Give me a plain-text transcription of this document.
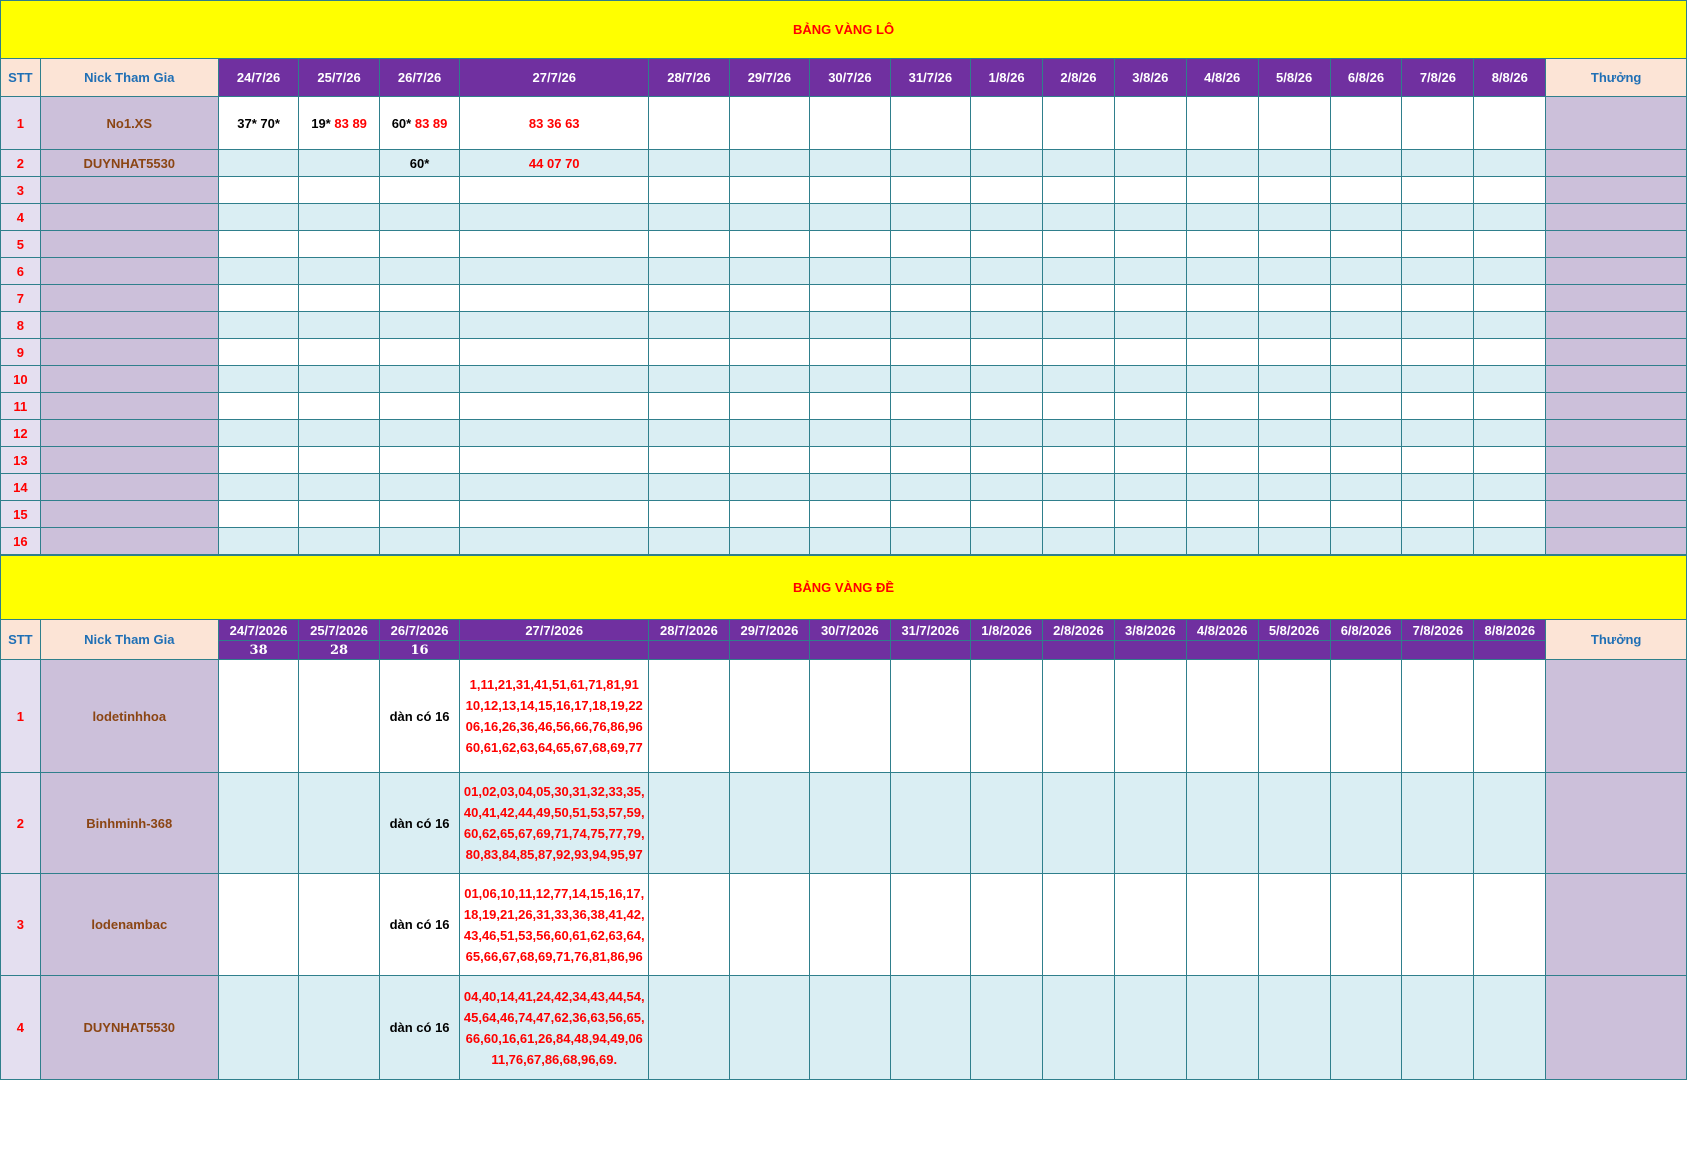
BẢNG VÀNG LÔ																		
STT	Nick Tham Gia	24/7/26	25/7/26	26/7/26	27/7/26	28/7/26	29/7/26	30/7/26	31/7/26	1/8/26	2/8/26	3/8/26	4/8/26	5/8/26	6/8/26	7/8/26	8/8/26	Thưởng
1	No1.XS	37* 70*	19* 83 89	60* 83 89	83 36 63													
2	DUYNHAT5530			60*	44 07 70													
3																		
4																		
5																		
6																		
7																		
8																		
9																		
10																		
11																		
12																		
13																		
14																		
15																		
16																		
BẢNG VÀNG ĐỀ																		
STT	Nick Tham Gia	24/7/2026	25/7/2026	26/7/2026	27/7/2026	28/7/2026	29/7/2026	30/7/2026	31/7/2026	1/8/2026	2/8/2026	3/8/2026	4/8/2026	5/8/2026	6/8/2026	7/8/2026	8/8/2026	Thưởng
		38	28	16														
1	lodetinhhoa			dàn có 16	1,11,21,31,41,51,61,71,81,91
10,12,13,14,15,16,17,18,19,22
06,16,26,36,46,56,66,76,86,96
60,61,62,63,64,65,67,68,69,77													

2	Binhminh-368			dàn có 16	01,02,03,04,05,30,31,32,33,35,
40,41,42,44,49,50,51,53,57,59,
60,62,65,67,69,71,74,75,77,79,
80,83,84,85,87,92,93,94,95,97													

3	lodenambac			dàn có 16	01,06,10,11,12,77,14,15,16,17,
18,19,21,26,31,33,36,38,41,42,
43,46,51,53,56,60,61,62,63,64,
65,66,67,68,69,71,76,81,86,96													

4	DUYNHAT5530			dàn có 16	04,40,14,41,24,42,34,43,44,54,
45,64,46,74,47,62,36,63,56,65,
66,60,16,61,26,84,48,94,49,06
11,76,67,86,68,96,69.													
